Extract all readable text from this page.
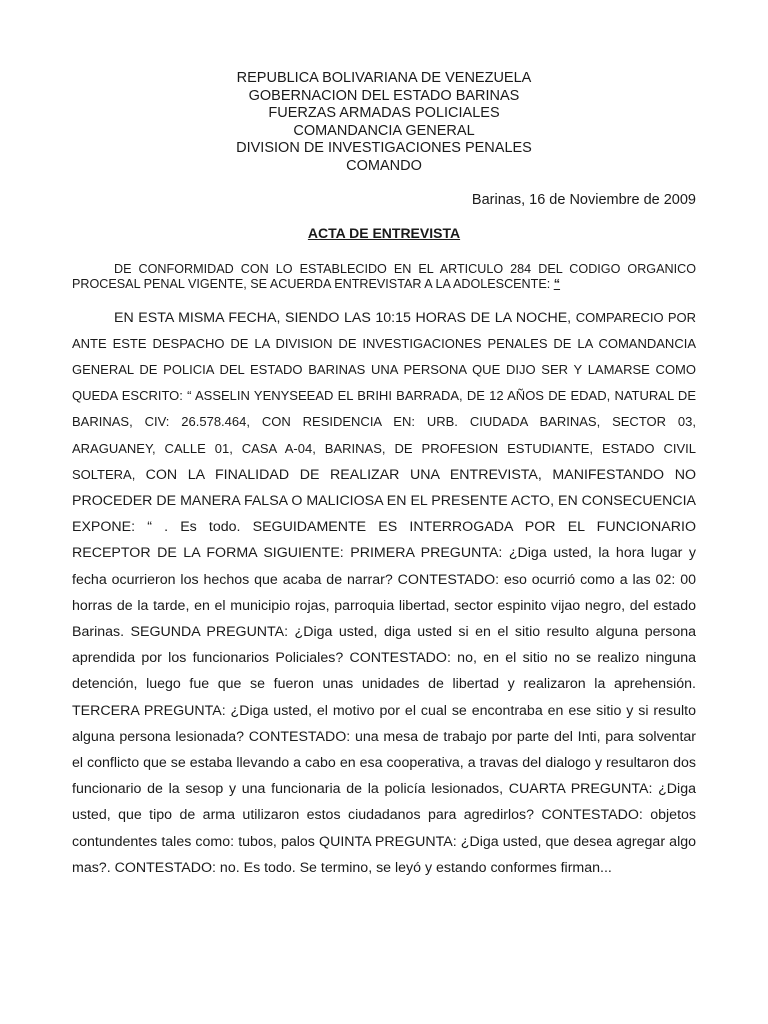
REPUBLICA BOLIVARIANA DE VENEZUELA
GOBERNACION DEL ESTADO BARINAS
FUERZAS ARMADAS POLICIALES
COMANDANCIA GENERAL
DIVISION DE INVESTIGACIONES PENALES
COMANDO
Barinas, 16 de Noviembre de 2009
ACTA DE ENTREVISTA

DE CONFORMIDAD CON LO ESTABLECIDO EN EL ARTICULO 284 DEL CODIGO ORGANICO PROCESAL PENAL VIGENTE, SE ACUERDA ENTREVISTAR A LA ADOLESCENTE: “

EN ESTA MISMA FECHA, SIENDO LAS 10:15 HORAS DE LA NOCHE, COMPARECIO POR ANTE ESTE DESPACHO DE LA DIVISION DE INVESTIGACIONES PENALES DE LA COMANDANCIA GENERAL DE POLICIA DEL ESTADO BARINAS UNA PERSONA QUE DIJO SER Y LAMARSE COMO QUEDA ESCRITO: “ ASSELIN YENYSEEAD EL BRIHI BARRADA, DE 12 AÑOS DE EDAD, NATURAL DE BARINAS, CIV: 26.578.464, CON RESIDENCIA EN: URB. CIUDADA BARINAS, SECTOR 03, ARAGUANEY, CALLE 01, CASA A-04, BARINAS, DE PROFESION ESTUDIANTE, ESTADO CIVIL SOLTERA, CON LA FINALIDAD DE REALIZAR UNA ENTREVISTA, MANIFESTANDO NO PROCEDER DE MANERA FALSA O MALICIOSA EN EL PRESENTE ACTO, EN CONSECUENCIA EXPONE: “ . Es todo. SEGUIDAMENTE ES INTERROGADA POR EL FUNCIONARIO RECEPTOR DE LA FORMA SIGUIENTE: PRIMERA PREGUNTA: ¿Diga usted, la hora lugar y fecha ocurrieron los hechos que acaba de narrar? CONTESTADO: eso ocurrió como a las 02: 00 horras de la tarde, en el municipio rojas, parroquia libertad, sector espinito vijao negro, del estado Barinas. SEGUNDA PREGUNTA: ¿Diga usted, diga usted si en el sitio resulto alguna persona aprendida por los funcionarios Policiales? CONTESTADO: no, en el sitio no se realizo ninguna detención, luego fue que se fueron unas unidades de libertad y realizaron la aprehensión. TERCERA PREGUNTA: ¿Diga usted, el motivo por el cual se encontraba en ese sitio y si resulto alguna persona lesionada? CONTESTADO: una mesa de trabajo por parte del Inti, para solventar el conflicto que se estaba llevando a cabo en esa cooperativa, a travas del dialogo y resultaron dos funcionario de la sesop y una funcionaria de la policía lesionados, CUARTA PREGUNTA: ¿Diga usted, que tipo de arma utilizaron estos ciudadanos para agredirlos? CONTESTADO: objetos contundentes tales como: tubos, palos QUINTA PREGUNTA: ¿Diga usted, que desea agregar algo mas?. CONTESTADO: no. Es todo. Se termino, se leyó y estando conformes firman...
